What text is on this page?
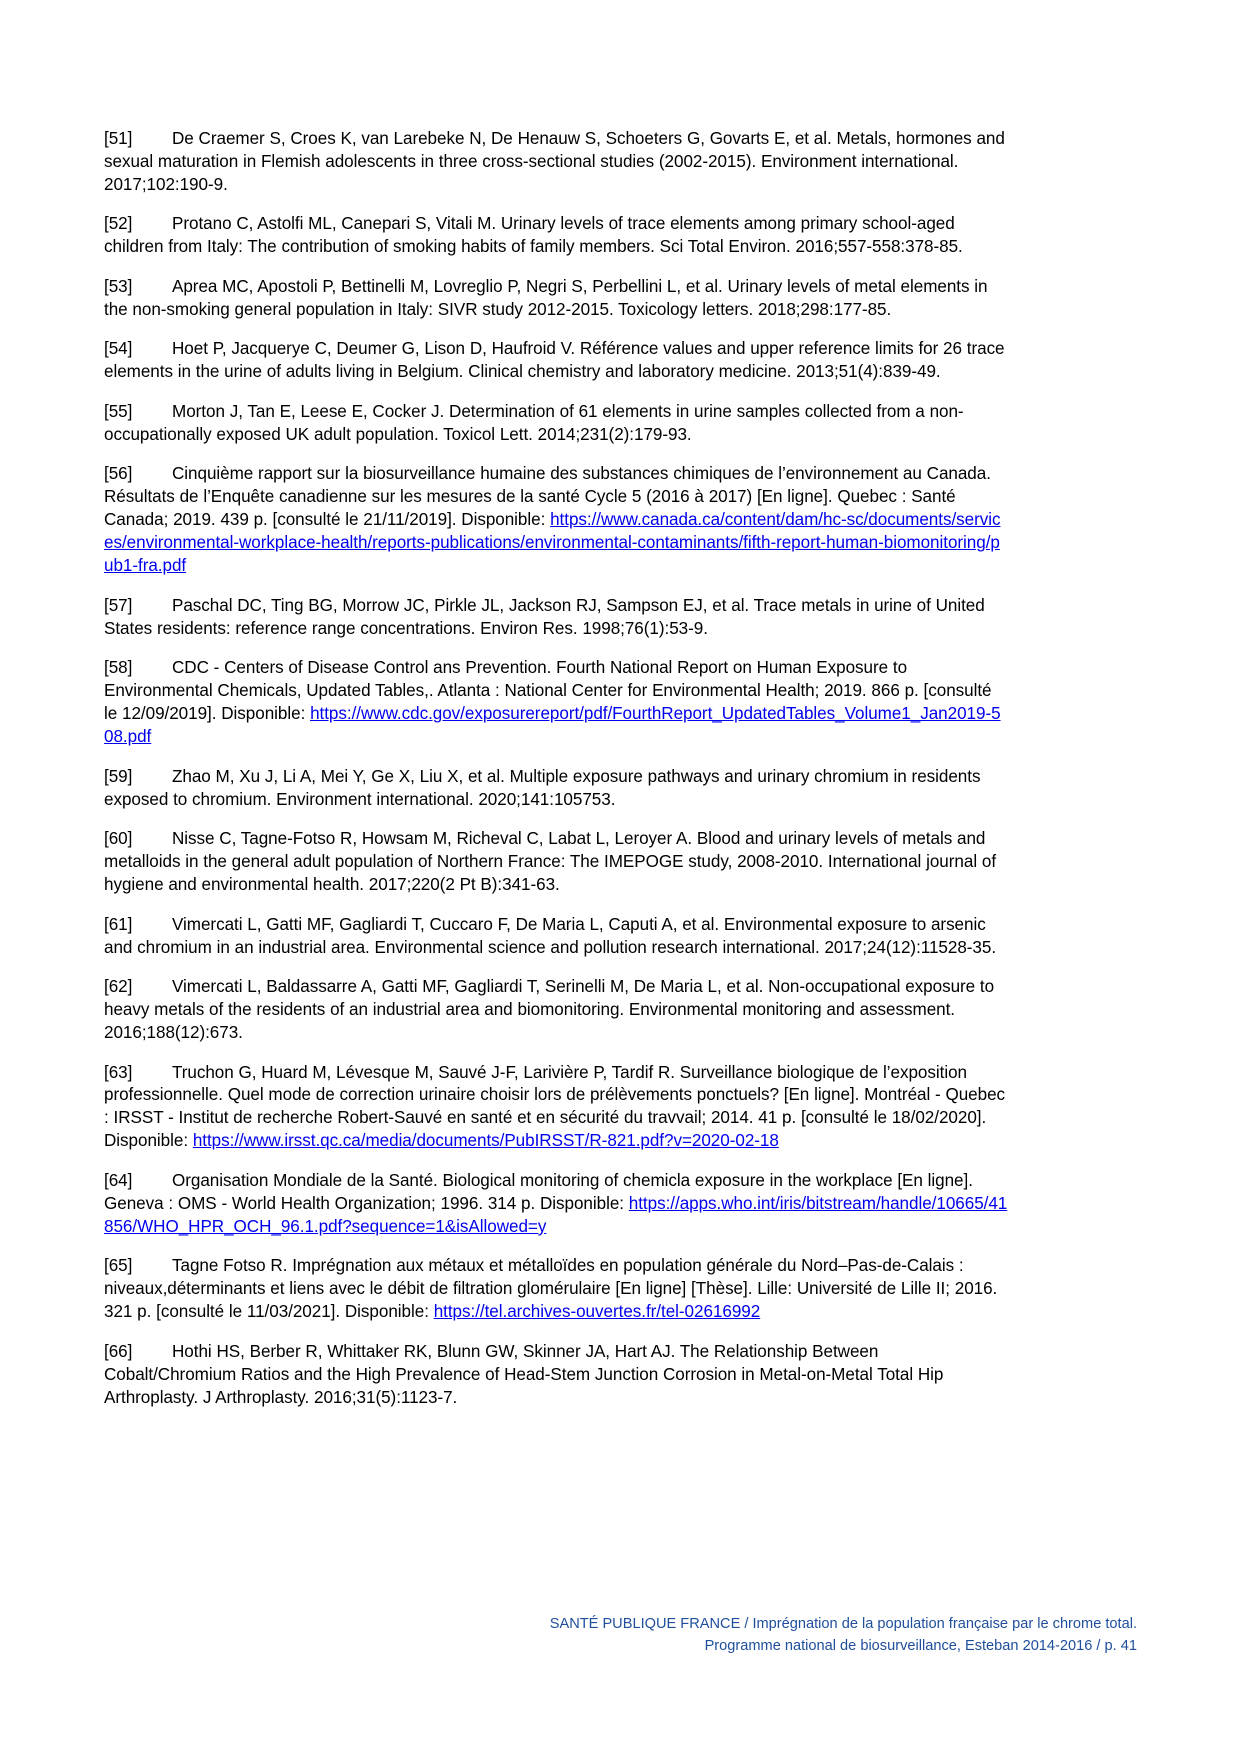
[51] De Craemer S, Croes K, van Larebeke N, De Henauw S, Schoeters G, Govarts E, et al. Metals, hormones and sexual maturation in Flemish adolescents in three cross-sectional studies (2002-2015). Environment international. 2017;102:190-9.

[52] Protano C, Astolfi ML, Canepari S, Vitali M. Urinary levels of trace elements among primary school-aged children from Italy: The contribution of smoking habits of family members. Sci Total Environ. 2016;557-558:378-85.

[53] Aprea MC, Apostoli P, Bettinelli M, Lovreglio P, Negri S, Perbellini L, et al. Urinary levels of metal elements in the non-smoking general population in Italy: SIVR study 2012-2015. Toxicology letters. 2018;298:177-85.

[54] Hoet P, Jacquerye C, Deumer G, Lison D, Haufroid V. Référence values and upper reference limits for 26 trace elements in the urine of adults living in Belgium. Clinical chemistry and laboratory medicine. 2013;51(4):839-49.

[55] Morton J, Tan E, Leese E, Cocker J. Determination of 61 elements in urine samples collected from a non-occupationally exposed UK adult population. Toxicol Lett. 2014;231(2):179-93.

[56] Cinquième rapport sur la biosurveillance humaine des substances chimiques de l’environnement au Canada. Résultats de l’Enquête canadienne sur les mesures de la santé Cycle 5 (2016 à 2017) [En ligne]. Quebec : Santé Canada; 2019. 439 p. [consulté le 21/11/2019]. Disponible: https://www.canada.ca/content/dam/hc-sc/documents/services/environmental-workplace-health/reports-publications/environmental-contaminants/fifth-report-human-biomonitoring/pub1-fra.pdf

[57] Paschal DC, Ting BG, Morrow JC, Pirkle JL, Jackson RJ, Sampson EJ, et al. Trace metals in urine of United States residents: reference range concentrations. Environ Res. 1998;76(1):53-9.

[58] CDC - Centers of Disease Control ans Prevention. Fourth National Report on Human Exposure to Environmental Chemicals, Updated Tables,. Atlanta : National Center for Environmental Health; 2019. 866 p. [consulté le 12/09/2019]. Disponible: https://www.cdc.gov/exposurereport/pdf/FourthReport_UpdatedTables_Volume1_Jan2019-508.pdf

[59] Zhao M, Xu J, Li A, Mei Y, Ge X, Liu X, et al. Multiple exposure pathways and urinary chromium in residents exposed to chromium. Environment international. 2020;141:105753.

[60] Nisse C, Tagne-Fotso R, Howsam M, Richeval C, Labat L, Leroyer A. Blood and urinary levels of metals and metalloids in the general adult population of Northern France: The IMEPOGE study, 2008-2010. International journal of hygiene and environmental health. 2017;220(2 Pt B):341-63.

[61] Vimercati L, Gatti MF, Gagliardi T, Cuccaro F, De Maria L, Caputi A, et al. Environmental exposure to arsenic and chromium in an industrial area. Environmental science and pollution research international. 2017;24(12):11528-35.

[62] Vimercati L, Baldassarre A, Gatti MF, Gagliardi T, Serinelli M, De Maria L, et al. Non-occupational exposure to heavy metals of the residents of an industrial area and biomonitoring. Environmental monitoring and assessment. 2016;188(12):673.

[63] Truchon G, Huard M, Lévesque M, Sauvé J-F, Larivière P, Tardif R. Surveillance biologique de l’exposition professionnelle. Quel mode de correction urinaire choisir lors de prélèvements ponctuels? [En ligne]. Montréal - Quebec : IRSST - Institut de recherche Robert-Sauvé en santé et en sécurité du travvail; 2014. 41 p. [consulté le 18/02/2020]. Disponible: https://www.irsst.qc.ca/media/documents/PubIRSST/R-821.pdf?v=2020-02-18

[64] Organisation Mondiale de la Santé. Biological monitoring of chemicla exposure in the workplace [En ligne]. Geneva : OMS - World Health Organization; 1996. 314 p. Disponible: https://apps.who.int/iris/bitstream/handle/10665/41856/WHO_HPR_OCH_96.1.pdf?sequence=1&isAllowed=y

[65] Tagne Fotso R. Imprégnation aux métaux et métalloïdes en population générale du Nord–Pas-de-Calais : niveaux,déterminants et liens avec le débit de filtration glomérulaire [En ligne] [Thèse]. Lille: Université de Lille II; 2016. 321 p. [consulté le 11/03/2021]. Disponible: https://tel.archives-ouvertes.fr/tel-02616992

[66] Hothi HS, Berber R, Whittaker RK, Blunn GW, Skinner JA, Hart AJ. The Relationship Between Cobalt/Chromium Ratios and the High Prevalence of Head-Stem Junction Corrosion in Metal-on-Metal Total Hip Arthroplasty. J Arthroplasty. 2016;31(5):1123-7.

SANTÉ PUBLIQUE FRANCE / Imprégnation de la population française par le chrome total.
Programme national de biosurveillance, Esteban 2014-2016 / p. 41
